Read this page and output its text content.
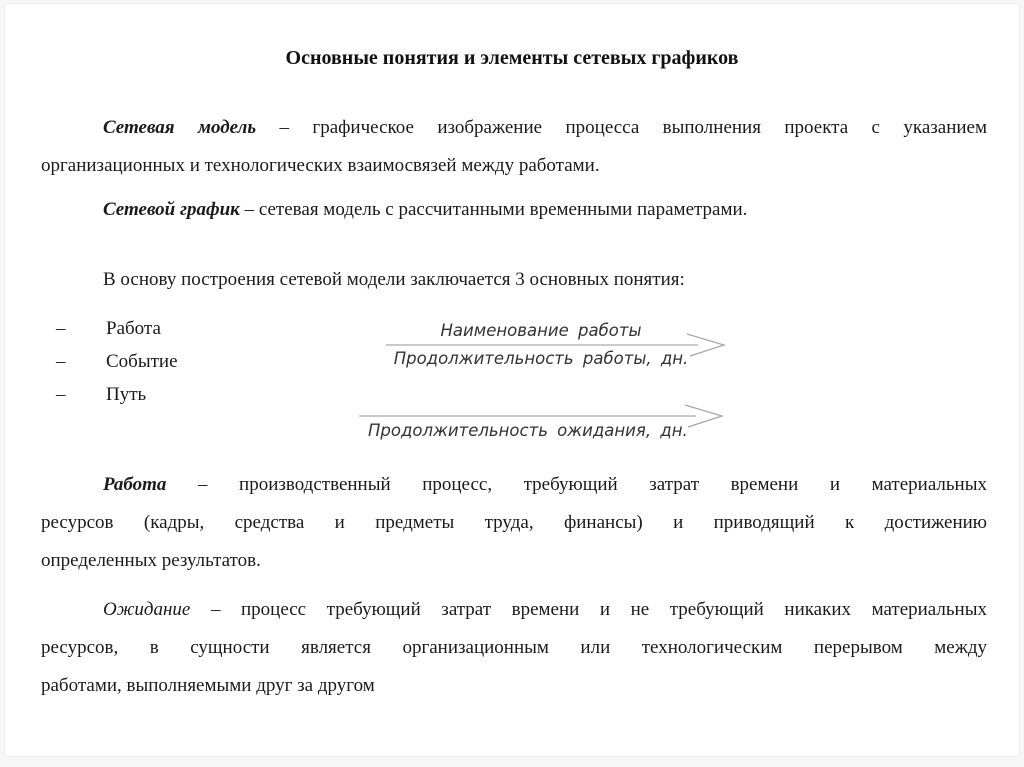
Основные понятия и элементы сетевых графиков
Сетевая модель – графическое изображение процесса выполнения проекта с указанием
организационных и технологических взаимосвязей между работами.
Сетевой график – сетевая модель с рассчитанными временными параметрами.
В основу построения сетевой модели заключается 3 основных понятия:
–	Работа
–	Событие
–	Путь
Наименование работы
Продолжительность работы, дн.
Продолжительность ожидания, дн.
Работа – производственный процесс, требующий затрат времени и материальных
ресурсов (кадры, средства и предметы труда, финансы) и приводящий к достижению
определенных результатов.
Ожидание – процесс требующий затрат времени и не требующий никаких материальных
ресурсов, в сущности является организационным или технологическим перерывом между
работами, выполняемыми друг за другом
